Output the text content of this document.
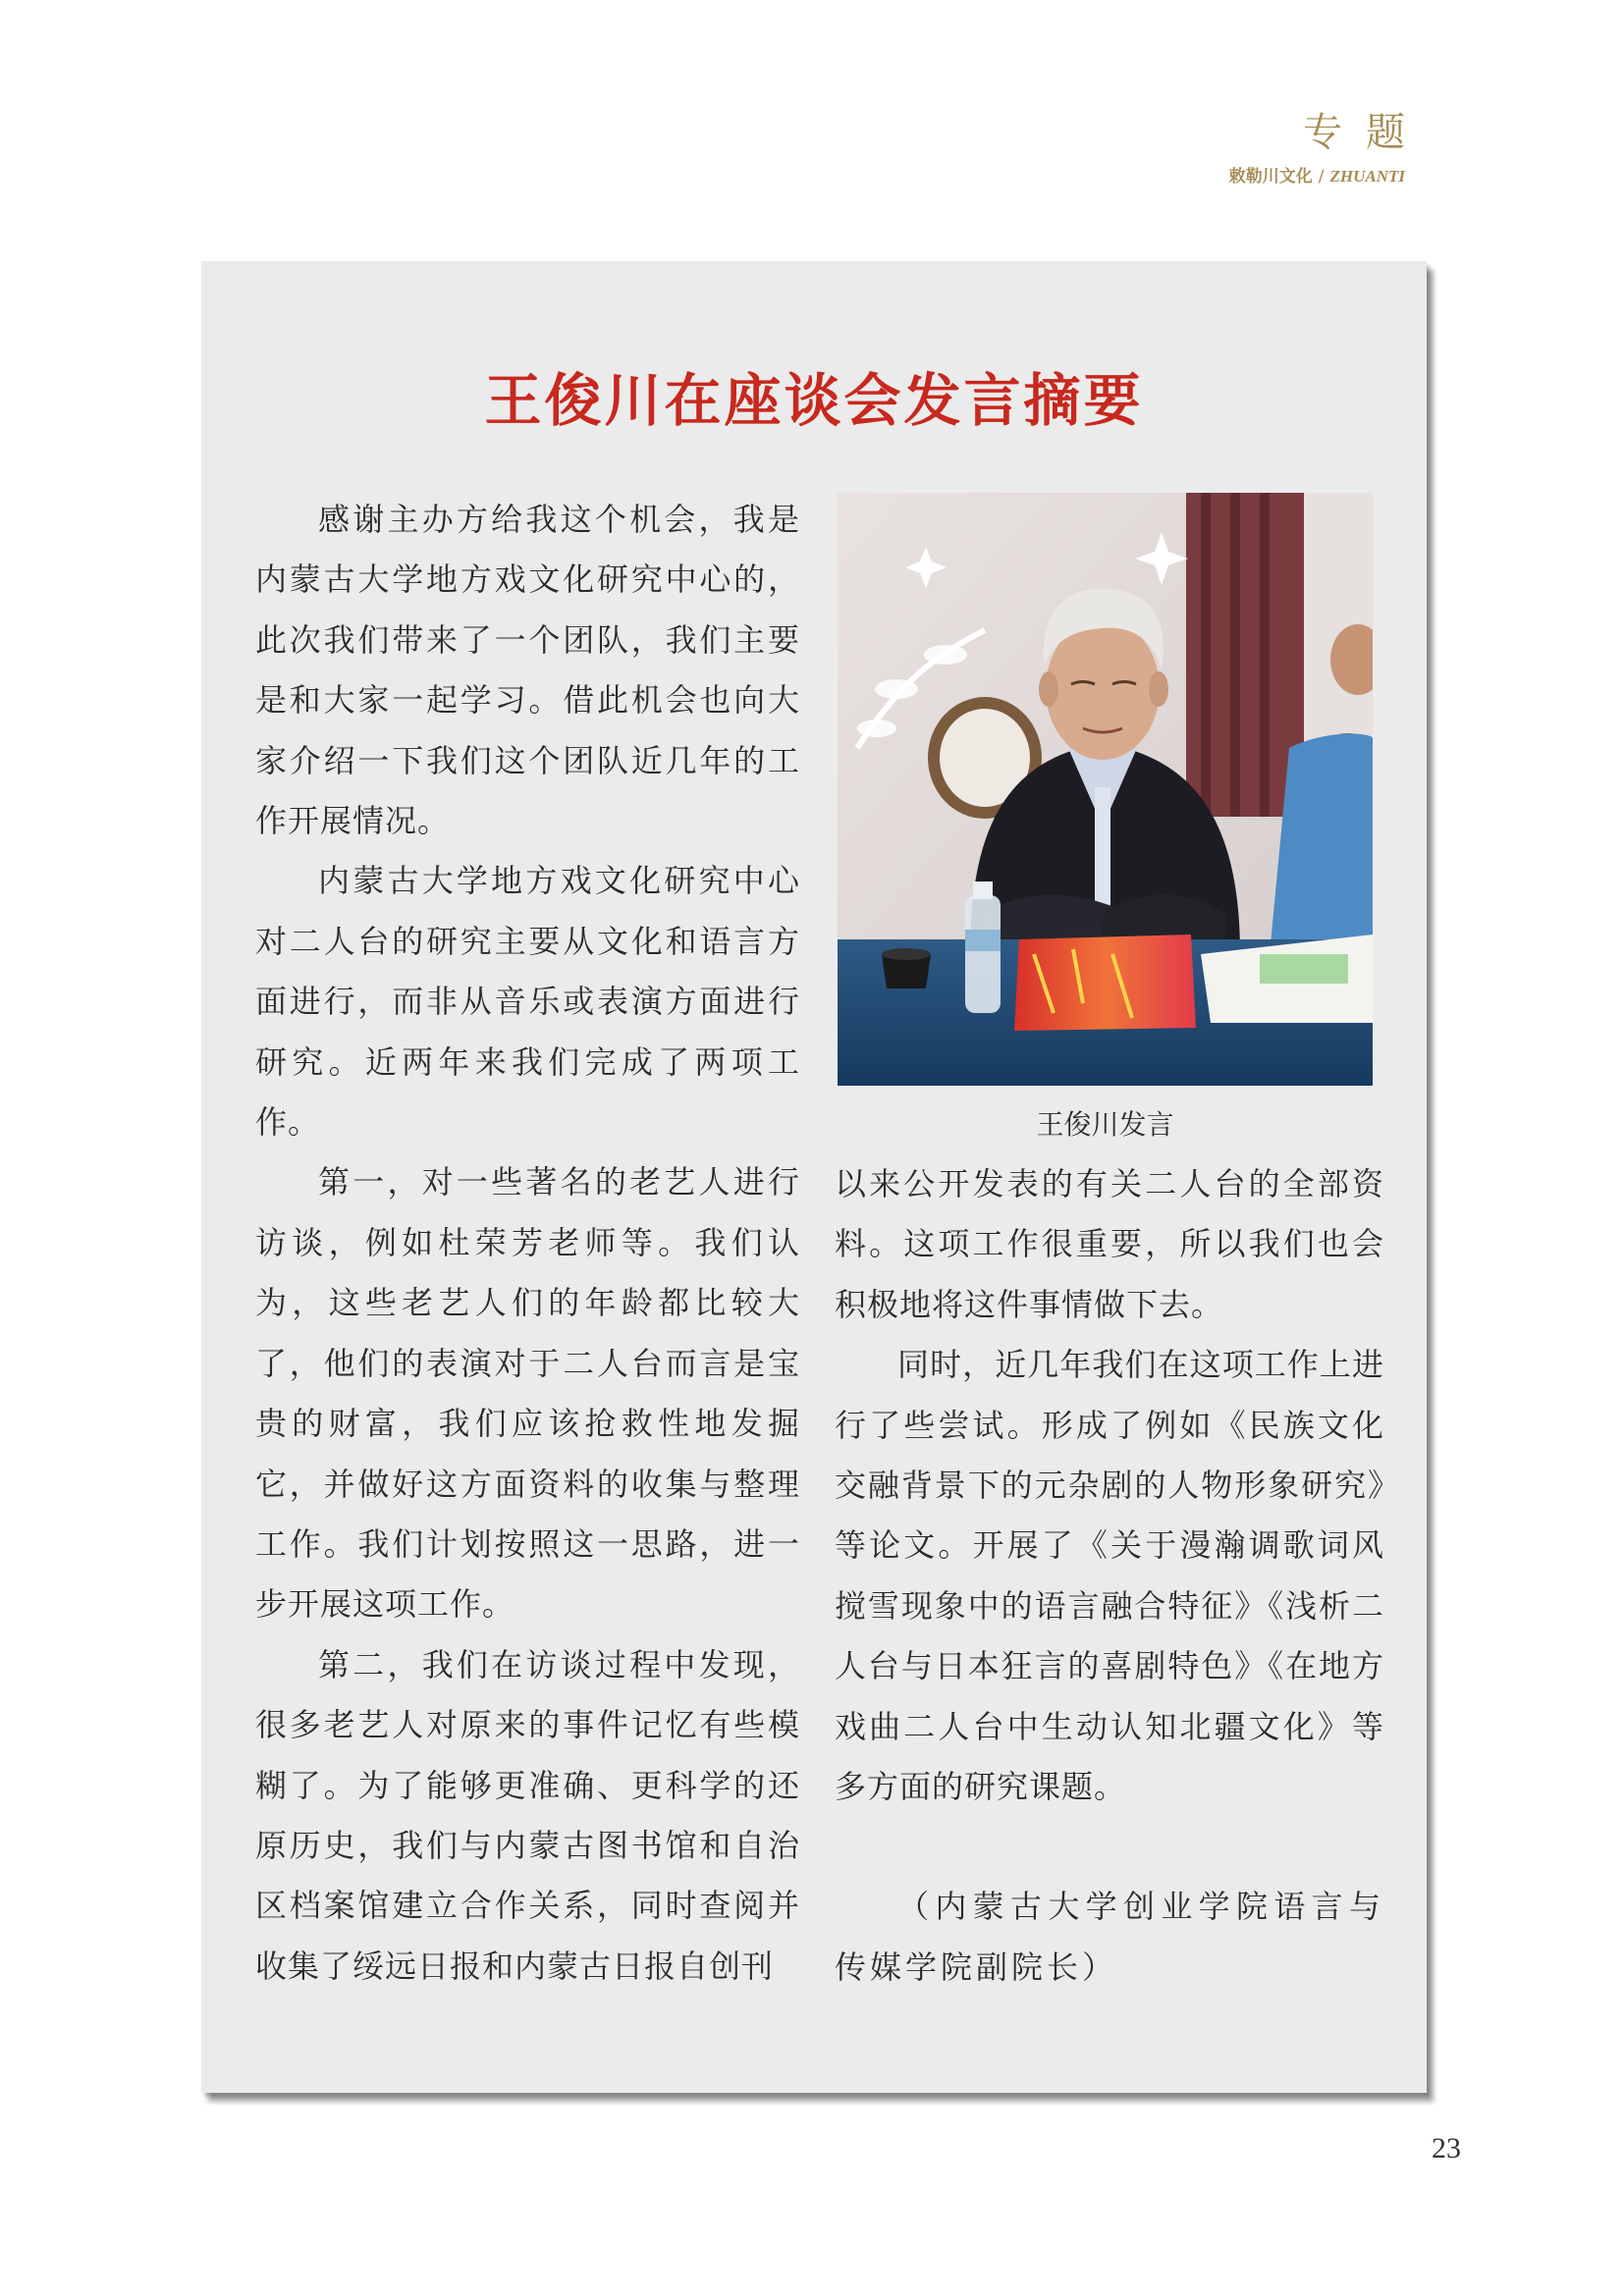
专题
敕勒川文化 / ZHUANTI
王俊川在座谈会发言摘要

感谢主办方给我这个机会，我是内蒙古大学地方戏文化研究中心的，此次我们带来了一个团队，我们主要是和大家一起学习。借此机会也向大家介绍一下我们这个团队近几年的工作开展情况。

内蒙古大学地方戏文化研究中心对二人台的研究主要从文化和语言方面进行，而非从音乐或表演方面进行研究。近两年来我们完成了两项工作。

第一，对一些著名的老艺人进行访谈，例如杜荣芳老师等。我们认为，这些老艺人们的年龄都比较大了，他们的表演对于二人台而言是宝贵的财富，我们应该抢救性地发掘它，并做好这方面资料的收集与整理工作。我们计划按照这一思路，进一步开展这项工作。

第二，我们在访谈过程中发现，很多老艺人对原来的事件记忆有些模糊了。为了能够更准确、更科学的还原历史，我们与内蒙古图书馆和自治区档案馆建立合作关系，同时查阅并收集了绥远日报和内蒙古日报自创刊

王俊川发言

以来公开发表的有关二人台的全部资料。这项工作很重要，所以我们也会积极地将这件事情做下去。

同时，近几年我们在这项工作上进行了些尝试。形成了例如《民族文化交融背景下的元杂剧的人物形象研究》等论文。开展了《关于漫瀚调歌词风搅雪现象中的语言融合特征》《浅析二人台与日本狂言的喜剧特色》《在地方戏曲二人台中生动认知北疆文化》等多方面的研究课题。

（内蒙古大学创业学院语言与传媒学院副院长）

23
